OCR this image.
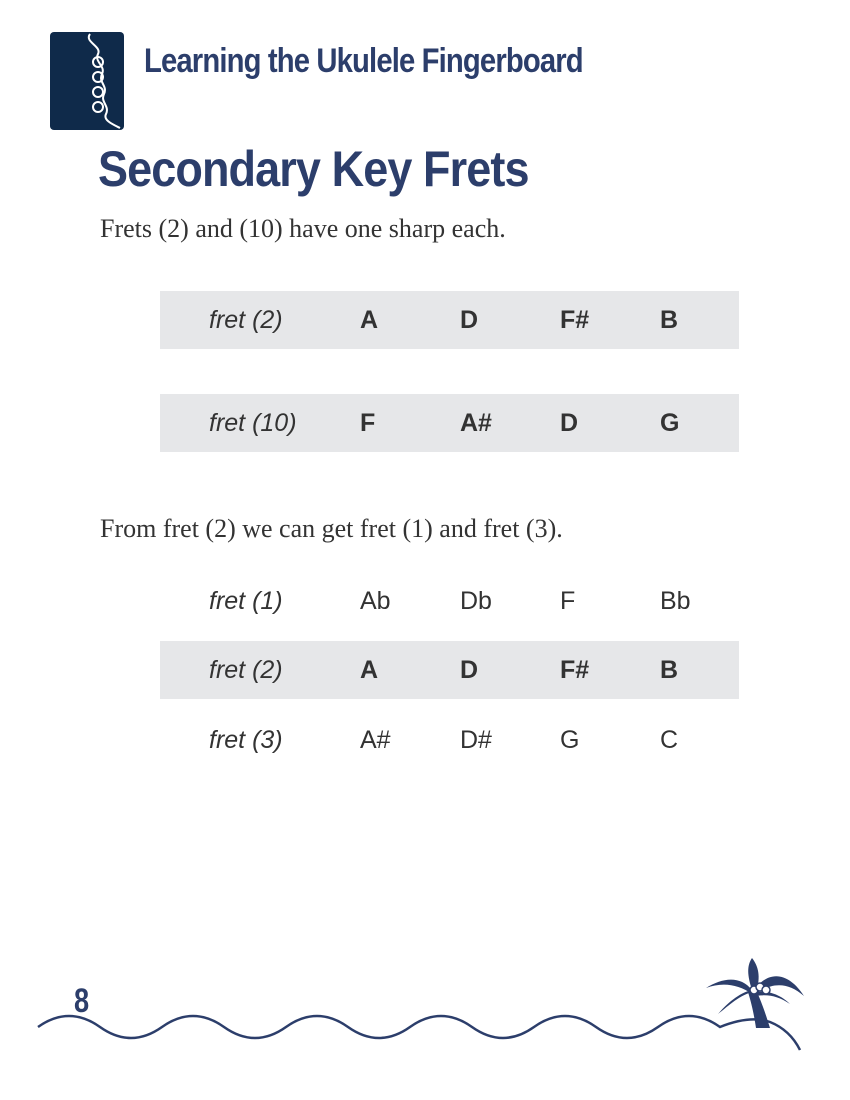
Learning the Ukulele Fingerboard
Secondary Key Frets
Frets (2) and (10) have one sharp each.
fret (2)	A	D	F#	B
fret (10)	F	A#	D	G
From fret (2) we can get fret (1) and fret (3).
fret (1)	Ab	Db	F	Bb
fret (2)	A	D	F#	B
fret (3)	A#	D#	G	C
8
